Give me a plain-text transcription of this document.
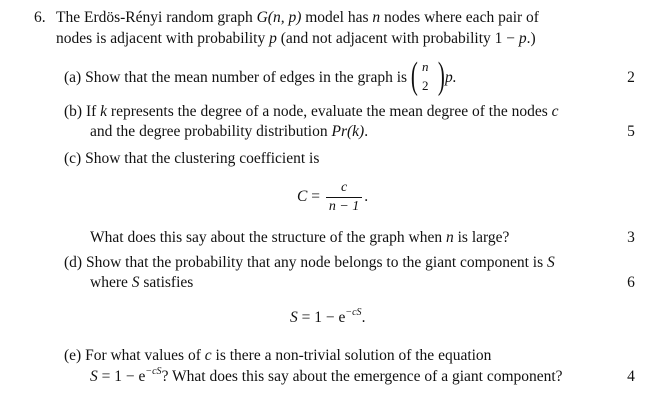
6. The Erdös-Rényi random graph G(n, p) model has n nodes where each pair of
nodes is adjacent with probability p (and not adjacent with probability 1 − p.)
(a) Show that the mean number of edges in the graph is ( n
2 ) p.	2
(b) If k represents the degree of a node, evaluate the mean degree of the nodes c
and the degree probability distribution Pr(k).	5
(c) Show that the clustering coefficient is
$C = \frac{c}{n - 1}$ .
What does this say about the structure of the graph when n is large?	3
(d) Show that the probability that any node belongs to the giant component is S
where S satisfies	6
$S = 1 - e^{-cS}$.
(e) For what values of c is there a non-trivial solution of the equation
$S = 1 - e^{-cS}$? What does this say about the emergence of a giant component?	4
